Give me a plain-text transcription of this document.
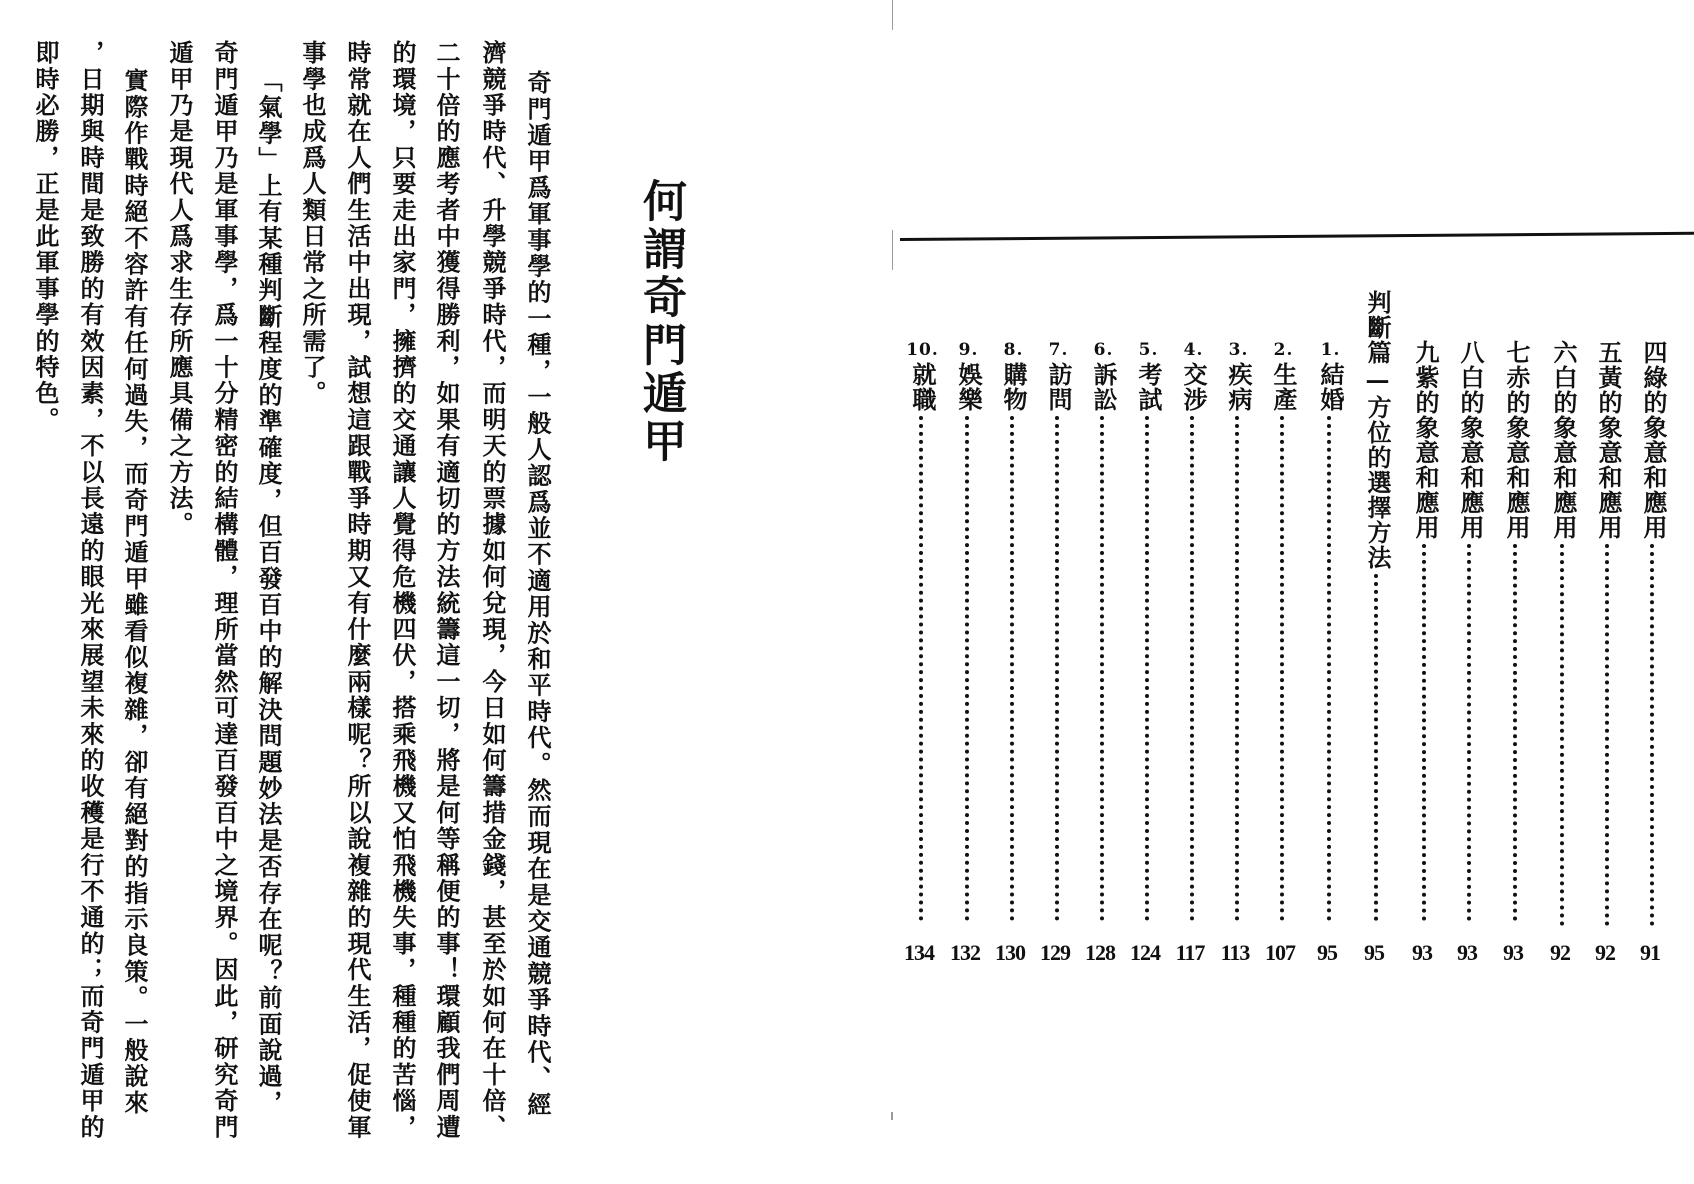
何謂奇門遁甲
奇門遁甲爲軍事學的一種，一般人認爲並不適用於和平時代。然而現在是交通競爭時代、經
濟競爭時代、升學競爭時代，而明天的票據如何兌現，今日如何籌措金錢，甚至於如何在十倍、
二十倍的應考者中獲得勝利，如果有適切的方法統籌這一切，將是何等稱便的事！環顧我們周遭
的環境，只要走出家門，擁擠的交通讓人覺得危機四伏，搭乘飛機又怕飛機失事，種種的苦惱，
時常就在人們生活中出現，試想這跟戰爭時期又有什麼兩樣呢？所以說複雜的現代生活，促使軍
事學也成爲人類日常之所需了。
「氣學」上有某種判斷程度的準確度，但百發百中的解決問題妙法是否存在呢？前面說過，
奇門遁甲乃是軍事學，爲一十分精密的結構體，理所當然可達百發百中之境界。因此，研究奇門
遁甲乃是現代人爲求生存所應具備之方法。
實際作戰時絕不容許有任何過失，而奇門遁甲雖看似複雜，卻有絕對的指示良策。一般說來
，日期與時間是致勝的有效因素，不以長遠的眼光來展望未來的收穫是行不通的；而奇門遁甲的
即時必勝，正是此軍事學的特色。
四綠的象意和應用
91
五黃的象意和應用
92
六白的象意和應用
92
七赤的象意和應用
93
八白的象意和應用
93
九紫的象意和應用
93
判斷篇—方位的選擇方法
95
1.
結婚
95
2.
生產
107
3.
疾病
113
4.
交涉
117
5.
考試
124
6.
訴訟
128
7.
訪問
129
8.
購物
130
9.
娛樂
132
10.
就職
134
